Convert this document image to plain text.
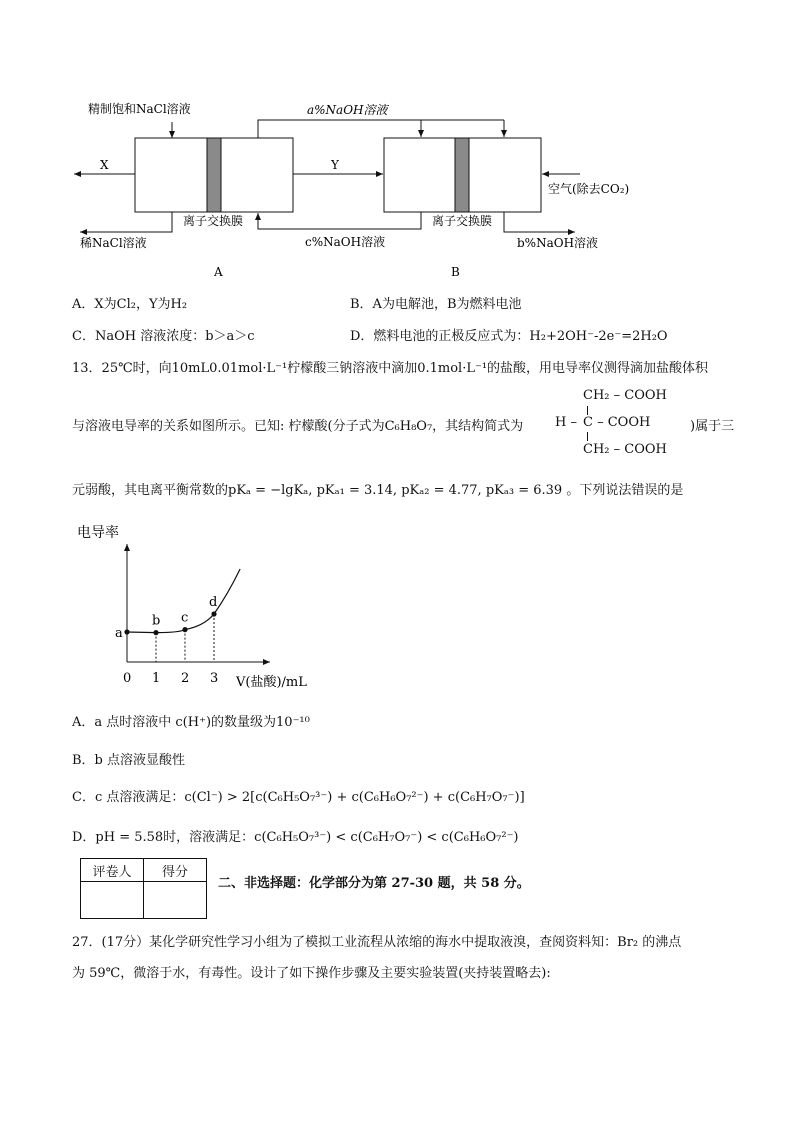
精制饱和NaCl溶液	a%NaOH溶液
X	Y
空气(除去CO₂)
离子交换膜	离子交换膜
稀NaCl溶液	c%NaOH溶液	b%NaOH溶液
A	B
A．X为Cl₂，Y为H₂	B．A为电解池，B为燃料电池
C．NaOH 溶液浓度：b＞a＞c	D．燃料电池的正极反应式为：H₂+2OH⁻-2e⁻=2H₂O
13．25℃时，向10mL0.01mol·L⁻¹柠檬酸三钠溶液中滴加0.1mol·L⁻¹的盐酸，用电导率仪测得滴加盐酸体积
与溶液电导率的关系如图所示。已知: 柠檬酸(分子式为C₆H₈O₇，其结构简式为
CH₂ – COOH
H – C – COOH
CH₂ – COOH
)属于三
元弱酸，其电离平衡常数的pKₐ = −lgKₐ, pKₐ₁ = 3.14, pKₐ₂ = 4.77, pKₐ₃ = 6.39 。下列说法错误的是
电导率
V(盐酸)/mL
0 1 2 3
a
b c
d
A．a 点时溶液中 c(H⁺)的数量级为10⁻¹⁰
B．b 点溶液显酸性
C．c 点溶液满足：c(Cl⁻) > 2[c(C₆H₅O₇³⁻) + c(C₆H₆O₇²⁻) + c(C₆H₇O₇⁻)]
D．pH = 5.58时，溶液满足：c(C₆H₅O₇³⁻) < c(C₆H₇O₇⁻) < c(C₆H₆O₇²⁻)
评卷人	得分

二、非选择题：化学部分为第 27-30 题，共 58 分。
27．(17分）某化学研究性学习小组为了模拟工业流程从浓缩的海水中提取液溴，查阅资料知：Br₂ 的沸点
为 59℃，微溶于水，有毒性。设计了如下操作步骤及主要实验装置(夹持装置略去):
